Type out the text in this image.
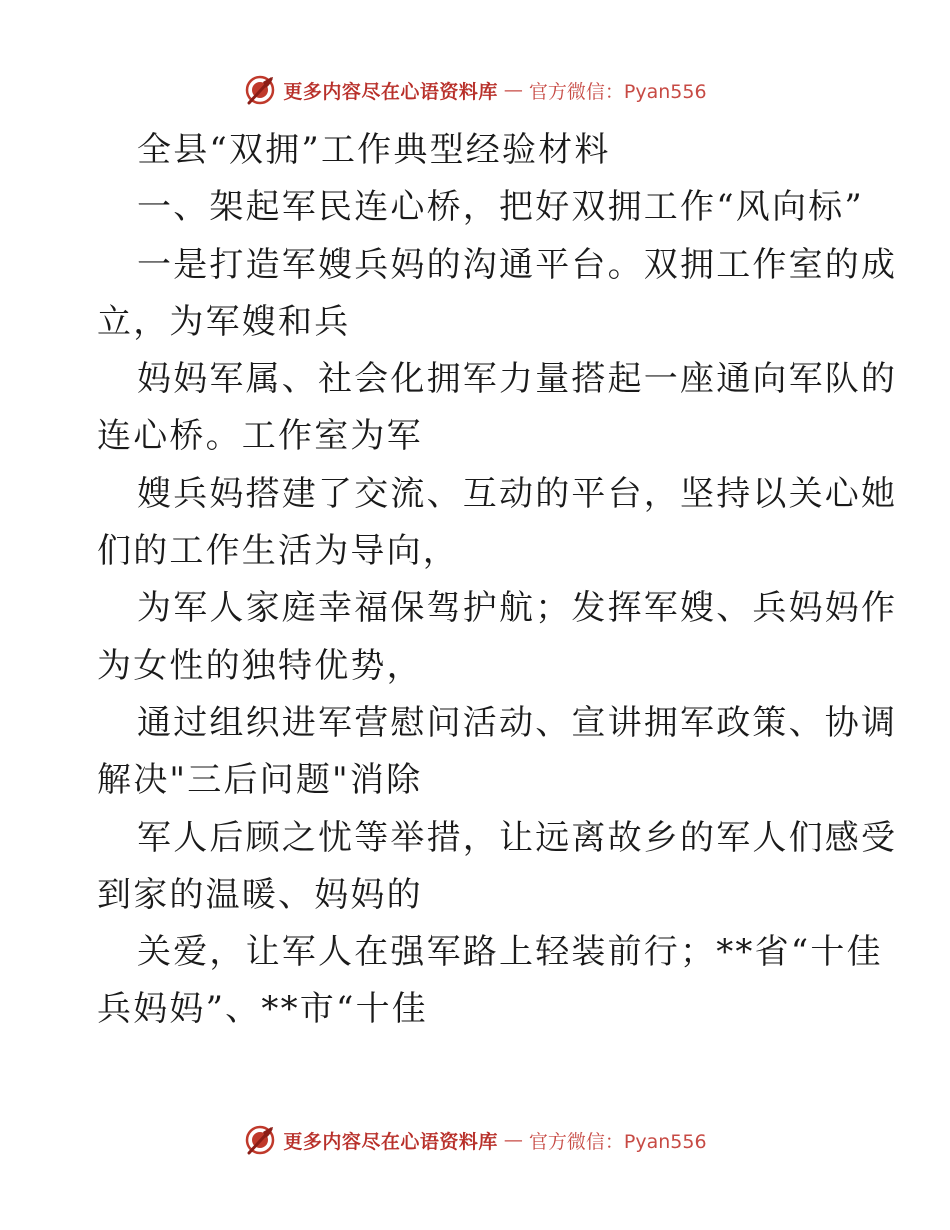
更多内容尽在心语资料库 — 官方微信：Pyan556
全县“双拥”工作典型经验材料
一、架起军民连心桥，把好双拥工作“风向标”
一是打造军嫂兵妈的沟通平台。双拥工作室的成
立，为军嫂和兵
妈妈军属、社会化拥军力量搭起一座通向军队的
连心桥。工作室为军
嫂兵妈搭建了交流、互动的平台，坚持以关心她
们的工作生活为导向，
为军人家庭幸福保驾护航；发挥军嫂、兵妈妈作
为女性的独特优势，
通过组织进军营慰问活动、宣讲拥军政策、协调
解决"三后问题"消除
军人后顾之忧等举措，让远离故乡的军人们感受
到家的温暖、妈妈的
关爱，让军人在强军路上轻装前行；**省“十佳
兵妈妈”、**市“十佳
更多内容尽在心语资料库 — 官方微信：Pyan556
